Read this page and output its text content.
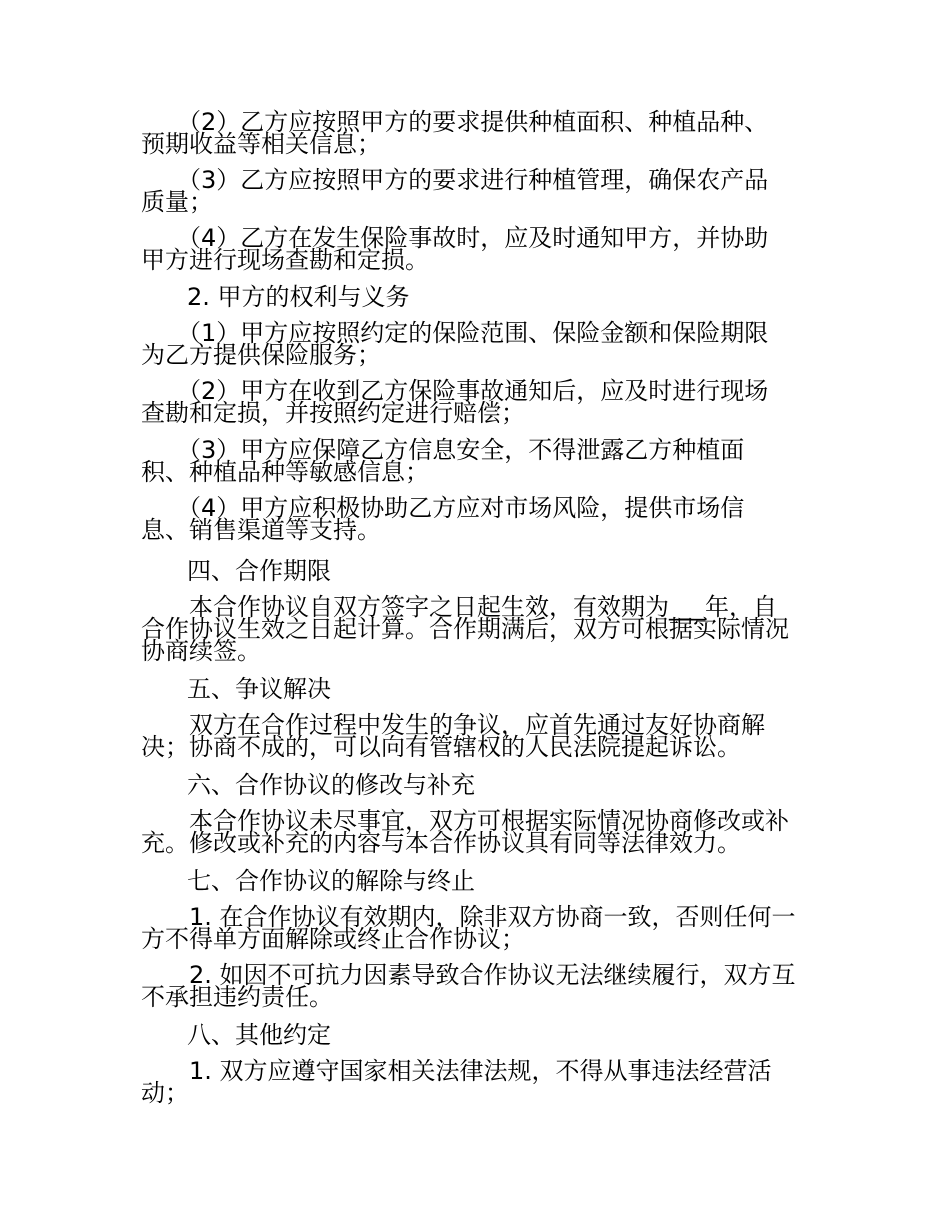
　　（2）乙方应按照甲方的要求提供种植面积、种植品种、
预期收益等相关信息；
　　（3）乙方应按照甲方的要求进行种植管理，确保农产品
质量；
　　（4）乙方在发生保险事故时，应及时通知甲方，并协助
甲方进行现场查勘和定损。
2. 甲方的权利与义务
　　（1）甲方应按照约定的保险范围、保险金额和保险期限
为乙方提供保险服务；
　　（2）甲方在收到乙方保险事故通知后，应及时进行现场
查勘和定损，并按照约定进行赔偿；
　　（3）甲方应保障乙方信息安全，不得泄露乙方种植面
积、种植品种等敏感信息；
　　（4）甲方应积极协助乙方应对市场风险，提供市场信
息、销售渠道等支持。
四、合作期限
　　本合作协议自双方签字之日起生效，有效期为___年，自
合作协议生效之日起计算。合作期满后，双方可根据实际情况
协商续签。
五、争议解决
　　双方在合作过程中发生的争议，应首先通过友好协商解
决；协商不成的，可以向有管辖权的人民法院提起诉讼。
六、合作协议的修改与补充
　　本合作协议未尽事宜，双方可根据实际情况协商修改或补
充。修改或补充的内容与本合作协议具有同等法律效力。
七、合作协议的解除与终止
　　1. 在合作协议有效期内，除非双方协商一致，否则任何一
方不得单方面解除或终止合作协议；
　　2. 如因不可抗力因素导致合作协议无法继续履行，双方互
不承担违约责任。
八、其他约定
　　1. 双方应遵守国家相关法律法规，不得从事违法经营活
动；
